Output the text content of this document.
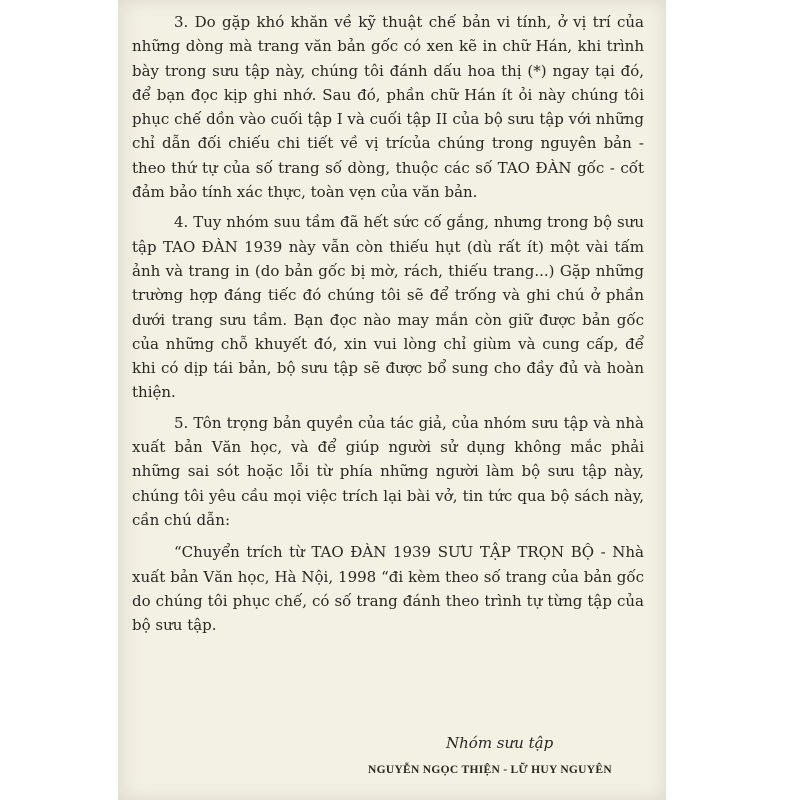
3. Do gặp khó khăn về kỹ thuật chế bản vi tính, ở vị trí của những dòng mà trang văn bản gốc có xen kẽ in chữ Hán, khi trình bày trong sưu tập này, chúng tôi đánh dấu hoa thị (*) ngay tại đó, để bạn đọc kịp ghi nhớ. Sau đó, phần chữ Hán ít ỏi này chúng tôi phục chế dồn vào cuối tập I và cuối tập II của bộ sưu tập với những chỉ dẫn đối chiếu chi tiết về vị trícủa chúng trong nguyên bản - theo thứ tự của số trang số dòng, thuộc các số TAO ĐÀN gốc - cốt đảm bảo tính xác thực, toàn vẹn của văn bản.

4. Tuy nhóm suu tầm đã hết sức cố gắng, nhưng trong bộ sưu tập TAO ĐÀN 1939 này vẫn còn thiếu hụt (dù rất ít) một vài tấm ảnh và trang in (do bản gốc bị mờ, rách, thiếu trang...) Gặp những trường hợp đáng tiếc đó chúng tôi sẽ để trống và ghi chú ở phần dưới trang sưu tầm. Bạn đọc nào may mắn còn giữ được bản gốc của những chỗ khuyết đó, xin vui lòng chỉ giùm và cung cấp, để khi có dịp tái bản, bộ sưu tập sẽ được bổ sung cho đầy đủ và hoàn thiện.

5. Tôn trọng bản quyền của tác giả, của nhóm sưu tập và nhà xuất bản Văn học, và để giúp người sử dụng không mắc phải những sai sót hoặc lỗi từ phía những người làm bộ sưu tập này, chúng tôi yêu cầu mọi việc trích lại bài vở, tin tức qua bộ sách này, cần chú dẫn:

“Chuyển trích từ TAO ĐÀN 1939 SƯU TẬP TRỌN BỘ - Nhà xuất bản Văn học, Hà Nội, 1998 “đi kèm theo số trang của bản gốc do chúng tôi phục chế, có số trang đánh theo trình tự từng tập của bộ sưu tập.

Nhóm sưu tập
NGUYỄN NGỌC THIỆN - LỮ HUY NGUYÊN
